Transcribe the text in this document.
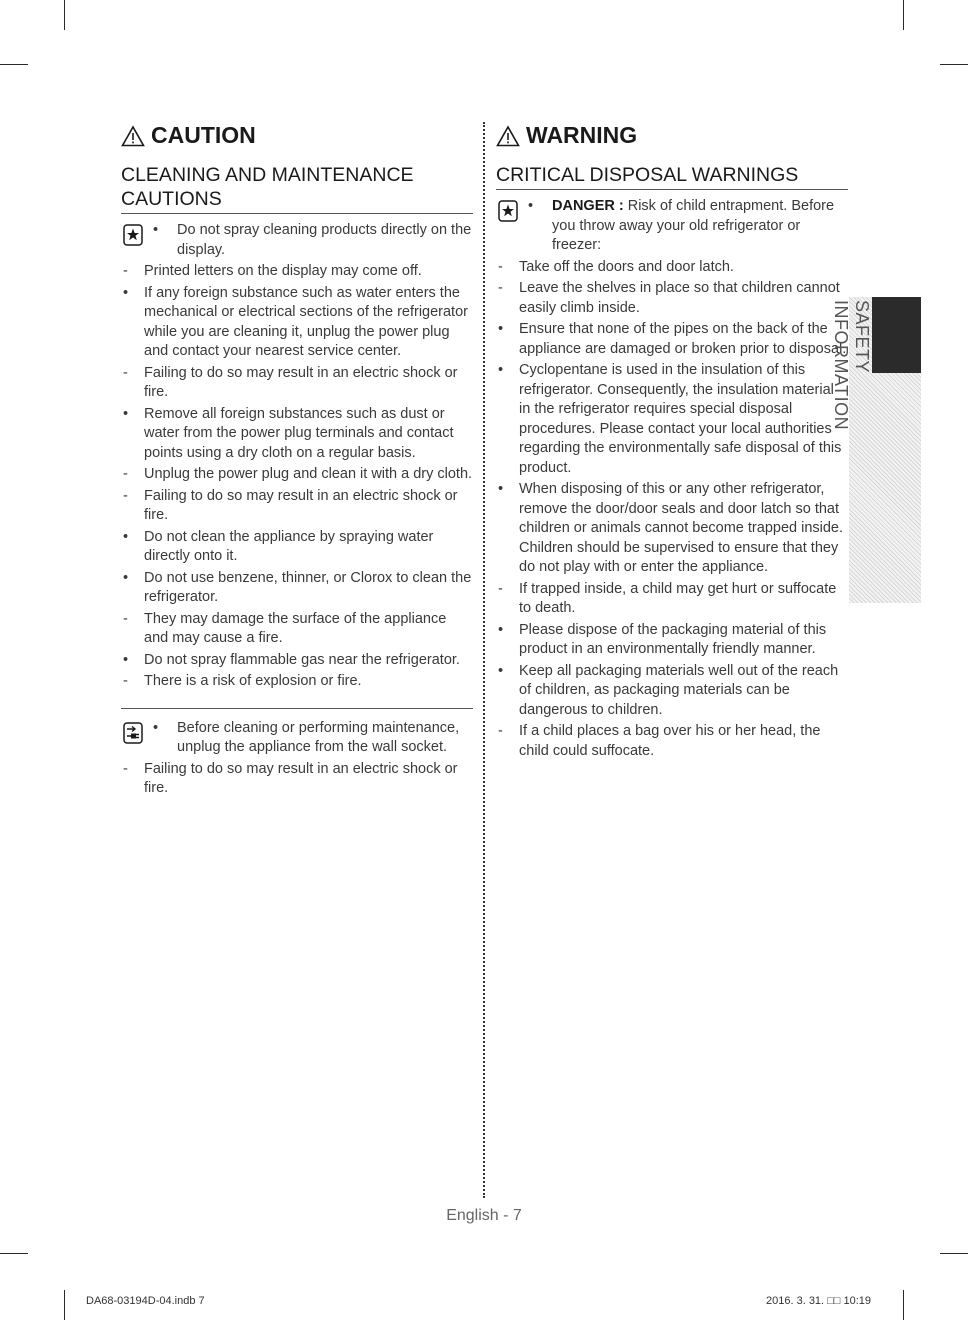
CAUTION
CLEANING AND MAINTENANCE CAUTIONS
•	Do not spray cleaning products directly on the display.
-	Printed letters on the display may come off.
•	If any foreign substance such as water enters the mechanical or electrical sections of the refrigerator while you are cleaning it, unplug the power plug and contact your nearest service center.
-	Failing to do so may result in an electric shock or fire.
•	Remove all foreign substances such as dust or water from the power plug terminals and contact points using a dry cloth on a regular basis.
-	Unplug the power plug and clean it with a dry cloth.
-	Failing to do so may result in an electric shock or fire.
•	Do not clean the appliance by spraying water directly onto it.
•	Do not use benzene, thinner, or Clorox to clean the refrigerator.
-	They may damage the surface of the appliance and may cause a fire.
•	Do not spray flammable gas near the refrigerator.
-	There is a risk of explosion or fire.
•	Before cleaning or performing maintenance, unplug the appliance from the wall socket.
-	Failing to do so may result in an electric shock or fire.
WARNING
CRITICAL DISPOSAL WARNINGS
•	DANGER : Risk of child entrapment. Before you throw away your old refrigerator or freezer:
-	Take off the doors and door latch.
-	Leave the shelves in place so that children cannot easily climb inside.
•	Ensure that none of the pipes on the back of the appliance are damaged or broken prior to disposal.
•	Cyclopentane is used in the insulation of this refrigerator. Consequently, the insulation material in the refrigerator requires special disposal procedures. Please contact your local authorities regarding the environmentally safe disposal of this product.
•	When disposing of this or any other refrigerator, remove the door/door seals and door latch so that children or animals cannot become trapped inside. Children should be supervised to ensure that they do not play with or enter the appliance.
-	If trapped inside, a child may get hurt or suffocate to death.
•	Please dispose of the packaging material of this product in an environmentally friendly manner.
•	Keep all packaging materials well out of the reach of children, as packaging materials can be dangerous to children.
-	If a child places a bag over his or her head, the child could suffocate.
SAFETY INFORMATION
English - 7
DA68-03194D-04.indb 7	2016. 3. 31. □□ 10:19
